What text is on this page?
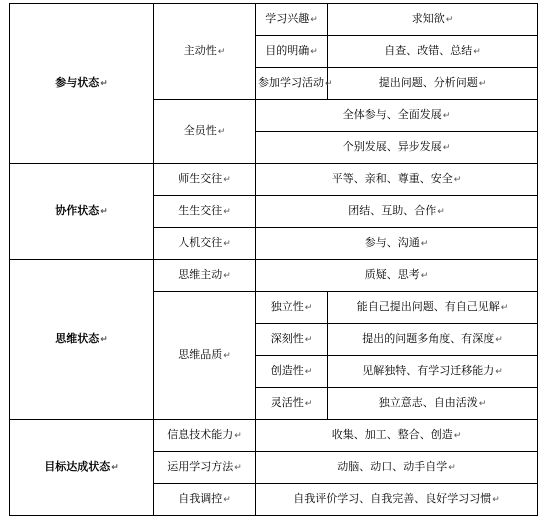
参与状态↵	主动性↵	学习兴趣↵	求知欲↵
		目的明确↵	自查、改错、总结↵
		参加学习活动↵	提出问题、分析问题↵
	全员性↵	全体参与、全面发展↵	
		个别发展、异步发展↵	
协作状态↵	师生交往↵	平等、亲和、尊重、安全↵	
	生生交往↵	团结、互助、合作↵	
	人机交往↵	参与、沟通↵	
思维状态↵	思维主动↵	质疑、思考↵	
	思维品质↵	独立性↵	能自己提出问题、有自己见解↵
		深刻性↵	提出的问题多角度、有深度↵
		创造性↵	见解独特、有学习迁移能力↵
		灵活性↵	独立意志、自由活泼↵
目标达成状态↵	信息技术能力↵	收集、加工、整合、创造↵	
	运用学习方法↵	动脑、动口、动手自学↵	
	自我调控↵	自我评价学习、自我完善、良好学习习惯↵	
